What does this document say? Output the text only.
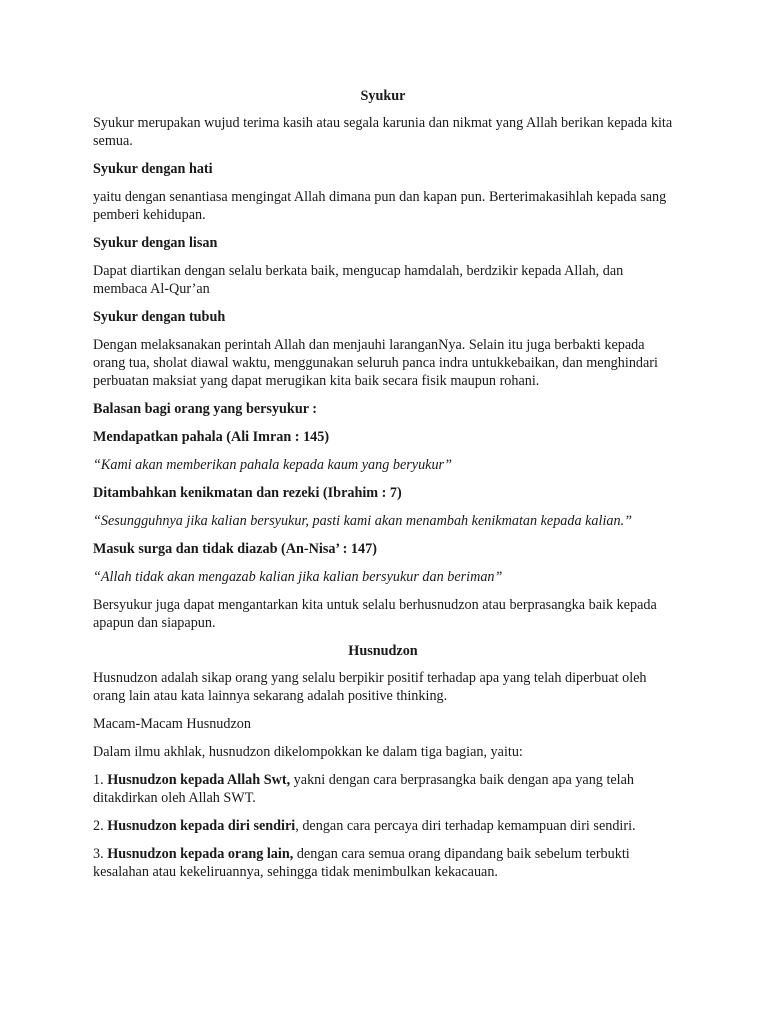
Syukur

Syukur merupakan wujud terima kasih atau segala karunia dan nikmat yang Allah berikan kepada kita semua.

Syukur dengan hati

yaitu dengan senantiasa mengingat Allah dimana pun dan kapan pun. Berterimakasihlah kepada sang pemberi kehidupan.

Syukur dengan lisan

Dapat diartikan dengan selalu berkata baik, mengucap hamdalah, berdzikir kepada Allah, dan membaca Al-Qur’an

Syukur dengan tubuh

Dengan melaksanakan perintah Allah dan menjauhi laranganNya. Selain itu juga berbakti kepada orang tua, sholat diawal waktu, menggunakan seluruh panca indra untukkebaikan, dan menghindari perbuatan maksiat yang dapat merugikan kita baik secara fisik maupun rohani.

Balasan bagi orang yang bersyukur :
Mendapatkan pahala (Ali Imran : 145)

“Kami akan memberikan pahala kepada kaum yang beryukur”

Ditambahkan kenikmatan dan rezeki (Ibrahim : 7)

“Sesungguhnya jika kalian bersyukur, pasti kami akan menambah kenikmatan kepada kalian.”

Masuk surga dan tidak diazab (An-Nisa’ : 147)

“Allah tidak akan mengazab kalian jika kalian bersyukur dan beriman”

Bersyukur juga dapat mengantarkan kita untuk selalu berhusnudzon atau berprasangka baik kepada apapun dan siapapun.

Husnudzon

Husnudzon adalah sikap orang yang selalu berpikir positif terhadap apa yang telah diperbuat oleh orang lain atau kata lainnya sekarang adalah positive thinking.

Macam-Macam Husnudzon

Dalam ilmu akhlak, husnudzon dikelompokkan ke dalam tiga bagian, yaitu:

1. Husnudzon kepada Allah Swt, yakni dengan cara berprasangka baik dengan apa yang telah ditakdirkan oleh Allah SWT.

2. Husnudzon kepada diri sendiri, dengan cara percaya diri terhadap kemampuan diri sendiri.

3. Husnudzon kepada orang lain, dengan cara semua orang dipandang baik sebelum terbukti kesalahan atau kekeliruannya, sehingga tidak menimbulkan kekacauan.
